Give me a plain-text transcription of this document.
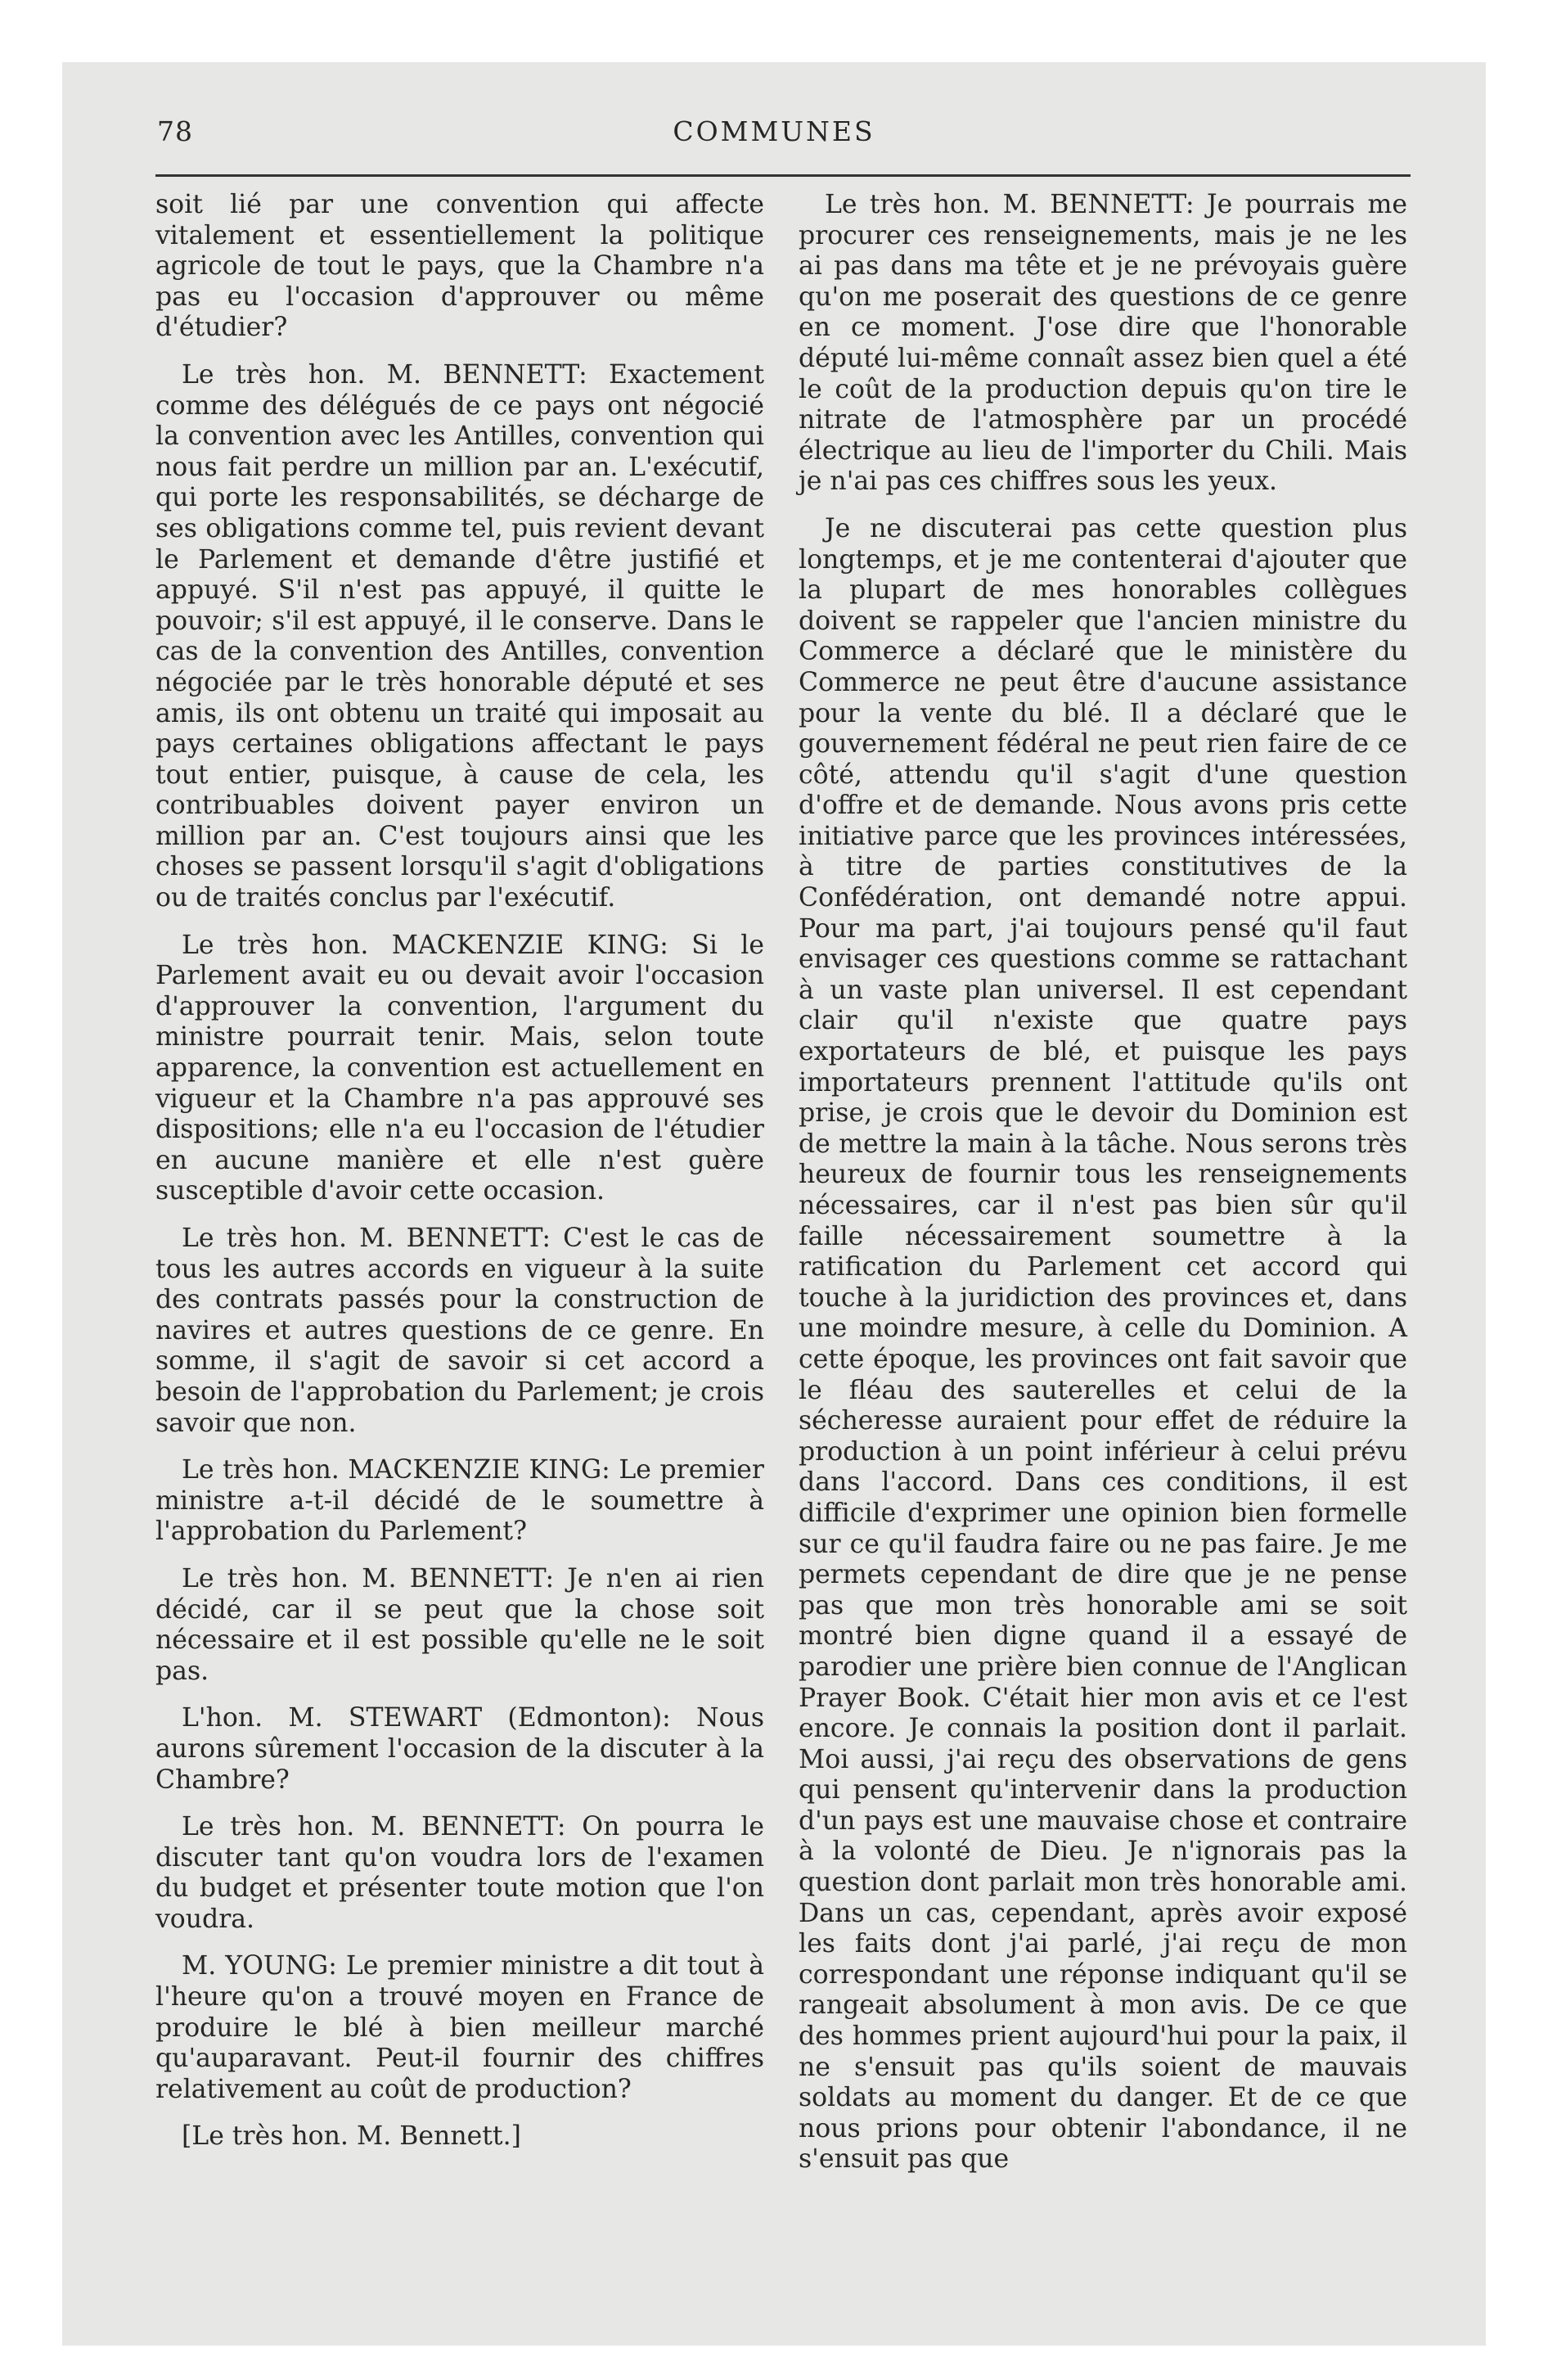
78	COMMUNES

soit lié par une convention qui affecte vitalement et essentiellement la politique agricole de tout le pays, que la Chambre n'a pas eu l'occasion d'approuver ou même d'étudier?

Le très hon. M. BENNETT: Exactement comme des délégués de ce pays ont négocié la convention avec les Antilles, convention qui nous fait perdre un million par an. L'exécutif, qui porte les responsabilités, se décharge de ses obligations comme tel, puis revient devant le Parlement et demande d'être justifié et appuyé. S'il n'est pas appuyé, il quitte le pouvoir; s'il est appuyé, il le conserve. Dans le cas de la convention des Antilles, convention négociée par le très honorable député et ses amis, ils ont obtenu un traité qui imposait au pays certaines obligations affectant le pays tout entier, puisque, à cause de cela, les contribuables doivent payer environ un million par an. C'est toujours ainsi que les choses se passent lorsqu'il s'agit d'obligations ou de traités conclus par l'exécutif.

Le très hon. MACKENZIE KING: Si le Parlement avait eu ou devait avoir l'occasion d'approuver la convention, l'argument du ministre pourrait tenir. Mais, selon toute apparence, la convention est actuellement en vigueur et la Chambre n'a pas approuvé ses dispositions; elle n'a eu l'occasion de l'étudier en aucune manière et elle n'est guère susceptible d'avoir cette occasion.

Le très hon. M. BENNETT: C'est le cas de tous les autres accords en vigueur à la suite des contrats passés pour la construction de navires et autres questions de ce genre. En somme, il s'agit de savoir si cet accord a besoin de l'approbation du Parlement; je crois savoir que non.

Le très hon. MACKENZIE KING: Le premier ministre a-t-il décidé de le soumettre à l'approbation du Parlement?

Le très hon. M. BENNETT: Je n'en ai rien décidé, car il se peut que la chose soit nécessaire et il est possible qu'elle ne le soit pas.

L'hon. M. STEWART (Edmonton): Nous aurons sûrement l'occasion de la discuter à la Chambre?

Le très hon. M. BENNETT: On pourra le discuter tant qu'on voudra lors de l'examen du budget et présenter toute motion que l'on voudra.

M. YOUNG: Le premier ministre a dit tout à l'heure qu'on a trouvé moyen en France de produire le blé à bien meilleur marché qu'auparavant. Peut-il fournir des chiffres relativement au coût de production?

[Le très hon. M. Bennett.]

Le très hon. M. BENNETT: Je pourrais me procurer ces renseignements, mais je ne les ai pas dans ma tête et je ne prévoyais guère qu'on me poserait des questions de ce genre en ce moment. J'ose dire que l'honorable député lui-même connaît assez bien quel a été le coût de la production depuis qu'on tire le nitrate de l'atmosphère par un procédé électrique au lieu de l'importer du Chili. Mais je n'ai pas ces chiffres sous les yeux.

Je ne discuterai pas cette question plus longtemps, et je me contenterai d'ajouter que la plupart de mes honorables collègues doivent se rappeler que l'ancien ministre du Commerce a déclaré que le ministère du Commerce ne peut être d'aucune assistance pour la vente du blé. Il a déclaré que le gouvernement fédéral ne peut rien faire de ce côté, attendu qu'il s'agit d'une question d'offre et de demande. Nous avons pris cette initiative parce que les provinces intéressées, à titre de parties constitutives de la Confédération, ont demandé notre appui. Pour ma part, j'ai toujours pensé qu'il faut envisager ces questions comme se rattachant à un vaste plan universel. Il est cependant clair qu'il n'existe que quatre pays exportateurs de blé, et puisque les pays importateurs prennent l'attitude qu'ils ont prise, je crois que le devoir du Dominion est de mettre la main à la tâche. Nous serons très heureux de fournir tous les renseignements nécessaires, car il n'est pas bien sûr qu'il faille nécessairement soumettre à la ratification du Parlement cet accord qui touche à la juridiction des provinces et, dans une moindre mesure, à celle du Dominion. A cette époque, les provinces ont fait savoir que le fléau des sauterelles et celui de la sécheresse auraient pour effet de réduire la production à un point inférieur à celui prévu dans l'accord. Dans ces conditions, il est difficile d'exprimer une opinion bien formelle sur ce qu'il faudra faire ou ne pas faire. Je me permets cependant de dire que je ne pense pas que mon très honorable ami se soit montré bien digne quand il a essayé de parodier une prière bien connue de l'Anglican Prayer Book. C'était hier mon avis et ce l'est encore. Je connais la position dont il parlait. Moi aussi, j'ai reçu des observations de gens qui pensent qu'intervenir dans la production d'un pays est une mauvaise chose et contraire à la volonté de Dieu. Je n'ignorais pas la question dont parlait mon très honorable ami. Dans un cas, cependant, après avoir exposé les faits dont j'ai parlé, j'ai reçu de mon correspondant une réponse indiquant qu'il se rangeait absolument à mon avis. De ce que des hommes prient aujourd'hui pour la paix, il ne s'ensuit pas qu'ils soient de mauvais soldats au moment du danger. Et de ce que nous prions pour obtenir l'abondance, il ne s'ensuit pas que
